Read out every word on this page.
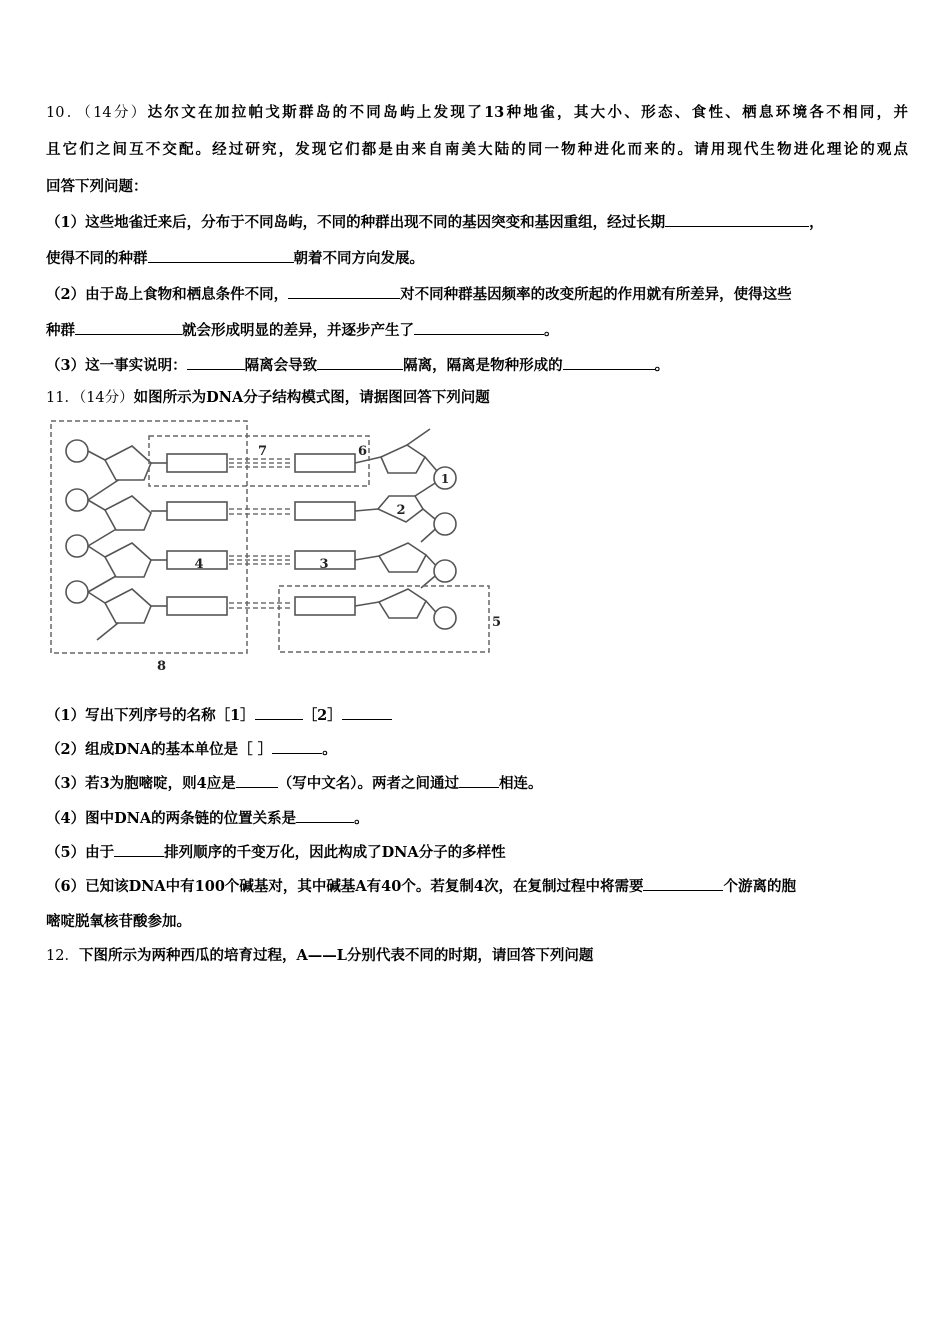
10．（14分）达尔文在加拉帕戈斯群岛的不同岛屿上发现了13种地雀，其大小、形态、食性、栖息环境各不相同，并
且它们之间互不交配。经过研究，发现它们都是由来自南美大陆的同一物种进化而来的。请用现代生物进化理论的观点
回答下列问题：
（1）这些地雀迁来后，分布于不同岛屿，不同的种群出现不同的基因突变和基因重组，经过长期	，
使得不同的种群	朝着不同方向发展。
（2）由于岛上食物和栖息条件不同，	对不同种群基因频率的改变所起的作用就有所差异，使得这些
种群	就会形成明显的差异，并逐步产生了	。
（3）这一事实说明：	隔离会导致	隔离，隔离是物种形成的	。
11．（14分）如图所示为DNA分子结构模式图，请据图回答下列问题
4	3
2
1
7	6
5
8
（1）写出下列序号的名称［1］	［2］
（2）组成DNA的基本单位是［ ］	。
（3）若3为胞嘧啶，则4应是	（写中文名）。两者之间通过	相连。
（4）图中DNA的两条链的位置关系是	。
（5）由于	排列顺序的千变万化，因此构成了DNA分子的多样性
（6）已知该DNA中有100个碱基对，其中碱基A有40个。若复制4次，在复制过程中将需要	个游离的胞
嘧啶脱氧核苷酸参加。
12．下图所示为两种西瓜的培育过程，A——L分别代表不同的时期，请回答下列问题
